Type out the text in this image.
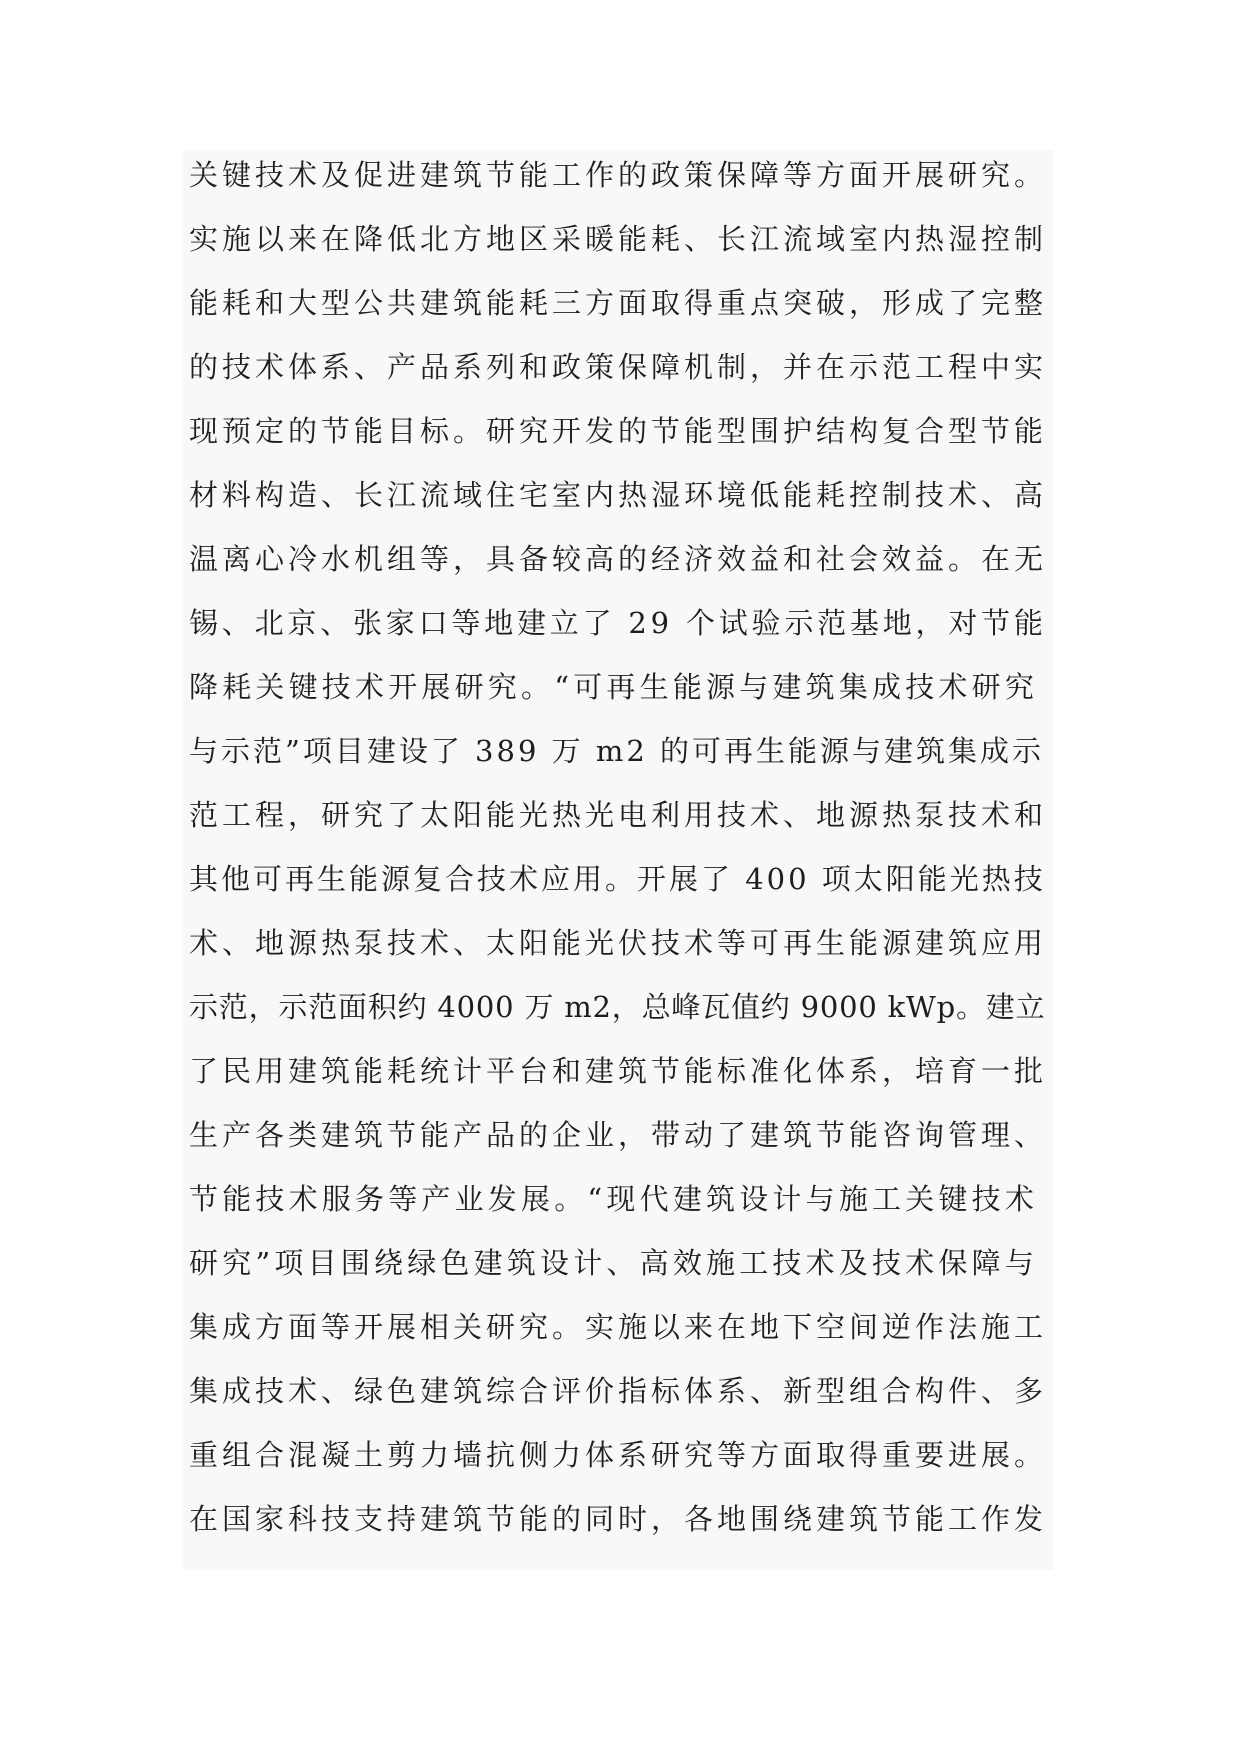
关键技术及促进建筑节能工作的政策保障等方面开展研究。
实施以来在降低北方地区采暖能耗、长江流域室内热湿控制
能耗和大型公共建筑能耗三方面取得重点突破，形成了完整
的技术体系、产品系列和政策保障机制，并在示范工程中实
现预定的节能目标。研究开发的节能型围护结构复合型节能
材料构造、长江流域住宅室内热湿环境低能耗控制技术、高
温离心冷水机组等，具备较高的经济效益和社会效益。在无
锡、北京、张家口等地建立了 29 个试验示范基地，对节能
降耗关键技术开展研究。“可再生能源与建筑集成技术研究
与示范”项目建设了 389 万 m2 的可再生能源与建筑集成示
范工程，研究了太阳能光热光电利用技术、地源热泵技术和
其他可再生能源复合技术应用。开展了 400 项太阳能光热技
术、地源热泵技术、太阳能光伏技术等可再生能源建筑应用
示范，示范面积约 4000 万 m2，总峰瓦值约 9000 kWp。建立
了民用建筑能耗统计平台和建筑节能标准化体系，培育一批
生产各类建筑节能产品的企业，带动了建筑节能咨询管理、
节能技术服务等产业发展。“现代建筑设计与施工关键技术
研究”项目围绕绿色建筑设计、高效施工技术及技术保障与
集成方面等开展相关研究。实施以来在地下空间逆作法施工
集成技术、绿色建筑综合评价指标体系、新型组合构件、多
重组合混凝土剪力墙抗侧力体系研究等方面取得重要进展。
在国家科技支持建筑节能的同时，各地围绕建筑节能工作发
